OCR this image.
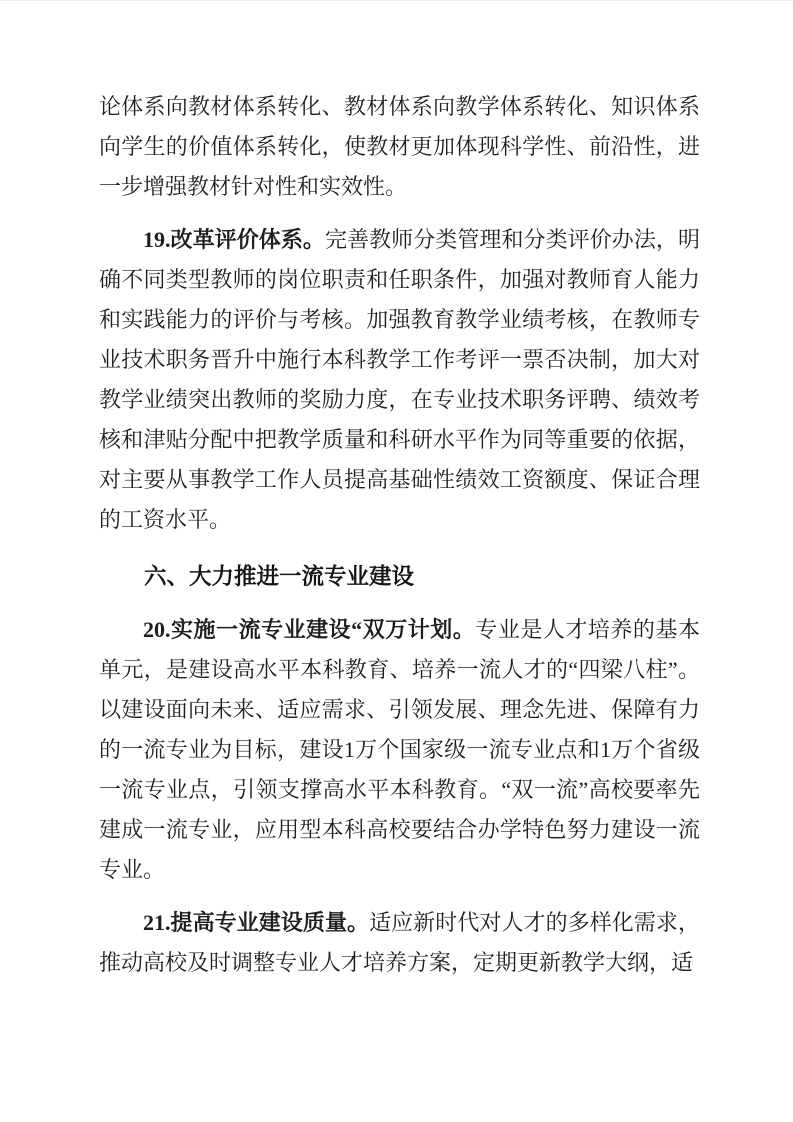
论体系向教材体系转化、教材体系向教学体系转化、知识体系向学生的价值体系转化，使教材更加体现科学性、前沿性，进一步增强教材针对性和实效性。

19.改革评价体系。完善教师分类管理和分类评价办法，明确不同类型教师的岗位职责和任职条件，加强对教师育人能力和实践能力的评价与考核。加强教育教学业绩考核，在教师专业技术职务晋升中施行本科教学工作考评一票否决制，加大对教学业绩突出教师的奖励力度，在专业技术职务评聘、绩效考核和津贴分配中把教学质量和科研水平作为同等重要的依据，对主要从事教学工作人员提高基础性绩效工资额度、保证合理的工资水平。

六、大力推进一流专业建设

20.实施一流专业建设“双万计划。专业是人才培养的基本单元，是建设高水平本科教育、培养一流人才的“四梁八柱”。以建设面向未来、适应需求、引领发展、理念先进、保障有力的一流专业为目标，建设1万个国家级一流专业点和1万个省级一流专业点，引领支撑高水平本科教育。“双一流”高校要率先建成一流专业，应用型本科高校要结合办学特色努力建设一流专业。

21.提高专业建设质量。适应新时代对人才的多样化需求，推动高校及时调整专业人才培养方案，定期更新教学大纲，适
